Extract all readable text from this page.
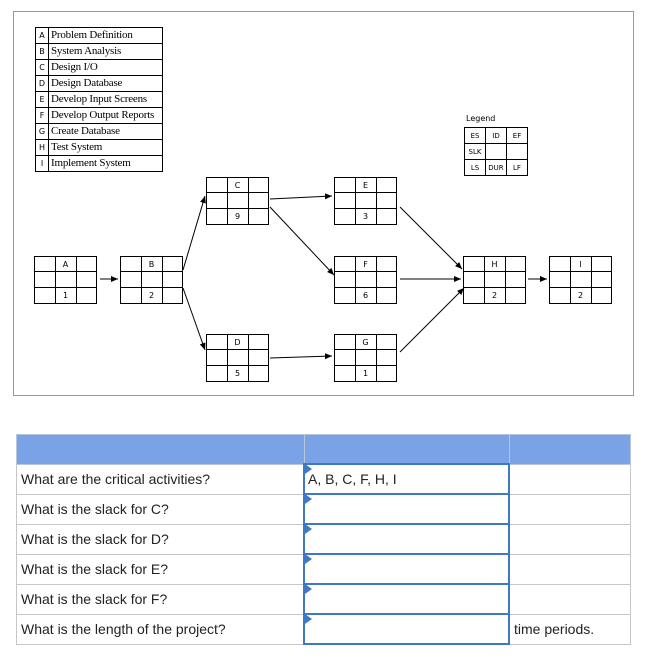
A	Problem Definition
B	System Analysis
C	Design I/O
D	Design Database
E	Develop Input Screens
F	Develop Output Reports
G	Create Database
H	Test System
I	Implement System
Legend
ES	ID	EF
SLK		
LS	DUR	LF
A
1
B
2
C
9
D
5
E
3
F
6
G
1
H
2
I
2

What are the critical activities?	A, B, C, F, H, I	
What is the slack for C?	

What is the slack for D?	

What is the slack for E?	

What is the slack for F?	

What is the length of the project?		time periods.
